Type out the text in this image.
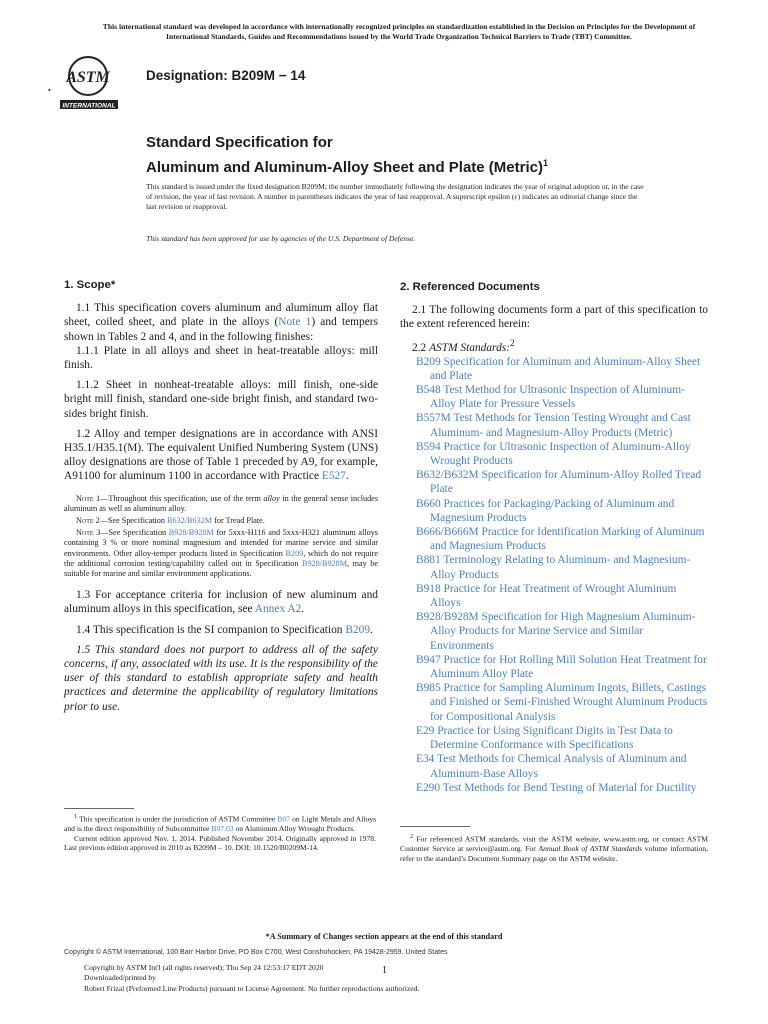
This international standard was developed in accordance with internationally recognized principles on standardization established in the Decision on Principles for the Development of International Standards, Guides and Recommendations issued by the World Trade Organization Technical Barriers to Trade (TBT) Committee.
ASTM
INTERNATIONAL
•
Designation: B209M − 14
Standard Specification for
Aluminum and Aluminum-Alloy Sheet and Plate (Metric)$^1$
This standard is issued under the fixed designation B209M; the number immediately following the designation indicates the year of original adoption or, in the case of revision, the year of last revision. A number in parentheses indicates the year of last reapproval. A superscript epsilon (ε) indicates an editorial change since the last revision or reapproval.
This standard has been approved for use by agencies of the U.S. Department of Defense.
1. Scope*

1.1 This specification covers aluminum and aluminum alloy flat sheet, coiled sheet, and plate in the alloys (Note 1) and tempers shown in Tables 2 and 4, and in the following finishes:

1.1.1 Plate in all alloys and sheet in heat-treatable alloys: mill finish.

1.1.2 Sheet in nonheat-treatable alloys: mill finish, one-side bright mill finish, standard one-side bright finish, and standard two-sides bright finish.

1.2 Alloy and temper designations are in accordance with ANSI H35.1/H35.1(M). The equivalent Unified Numbering System (UNS) alloy designations are those of Table 1 preceded by A9, for example, A91100 for aluminum 1100 in accordance with Practice E527.

Note 1—Throughout this specification, use of the term alloy in the general sense includes aluminum as well as aluminum alloy.

Note 2—See Specification B632/B632M for Tread Plate.

Note 3—See Specification B928/B928M for 5xxx-H116 and 5xxx-H321 aluminum alloys containing 3 % or more nominal magnesium and intended for marine service and similar environments. Other alloy-temper products listed in Specification B209, which do not require the additional corrosion testing/capability called out in Specification B928/B928M, may be suitable for marine and similar environment applications.

1.3 For acceptance criteria for inclusion of new aluminum and aluminum alloys in this specification, see Annex A2.

1.4 This specification is the SI companion to Specification B209.

1.5 This standard does not purport to address all of the safety concerns, if any, associated with its use. It is the responsibility of the user of this standard to establish appropriate safety and health practices and determine the applicability of regulatory limitations prior to use.

$^1$ This specification is under the jurisdiction of ASTM Committee B07 on Light Metals and Alloys and is the direct responsibility of Subcommittee B07.03 on Aluminum Alloy Wrought Products.

Current edition approved Nov. 1, 2014. Published November 2014. Originally approved in 1978. Last previous edition approved in 2010 as B209M – 10. DOI: 10.1520/B0209M-14.

2. Referenced Documents

2.1 The following documents form a part of this specification to the extent referenced herein:

2.2 ASTM Standards:$^2$

B209 Specification for Aluminum and Aluminum-Alloy Sheet and Plate

B548 Test Method for Ultrasonic Inspection of Aluminum-Alloy Plate for Pressure Vessels

B557M Test Methods for Tension Testing Wrought and Cast Aluminum- and Magnesium-Alloy Products (Metric)

B594 Practice for Ultrasonic Inspection of Aluminum-Alloy Wrought Products

B632/B632M Specification for Aluminum-Alloy Rolled Tread Plate

B660 Practices for Packaging/Packing of Aluminum and Magnesium Products

B666/B666M Practice for Identification Marking of Aluminum and Magnesium Products

B881 Terminology Relating to Aluminum- and Magnesium-Alloy Products

B918 Practice for Heat Treatment of Wrought Aluminum Alloys

B928/B928M Specification for High Magnesium Aluminum-Alloy Products for Marine Service and Similar Environments

B947 Practice for Hot Rolling Mill Solution Heat Treatment for Aluminum Alloy Plate

B985 Practice for Sampling Aluminum Ingots, Billets, Castings and Finished or Semi-Finished Wrought Aluminum Products for Compositional Analysis

E29 Practice for Using Significant Digits in Test Data to Determine Conformance with Specifications

E34 Test Methods for Chemical Analysis of Aluminum and Aluminum-Base Alloys

E290 Test Methods for Bend Testing of Material for Ductility

$^2$ For referenced ASTM standards, visit the ASTM website, www.astm.org, or contact ASTM Customer Service at service@astm.org. For Annual Book of ASTM Standards volume information, refer to the standard’s Document Summary page on the ASTM website.

*A Summary of Changes section appears at the end of this standard
Copyright © ASTM International, 100 Barr Harbor Drive, PO Box C700, West Conshohocken, PA 19428-2959. United States
Copyright by ASTM Int'l (all rights reserved); Thu Sep 24 12:53:17 EDT 2020
Downloaded/printed by
1
Robert Frizal (Preformed Line Products) pursuant to License Agreement. No further reproductions authorized.
